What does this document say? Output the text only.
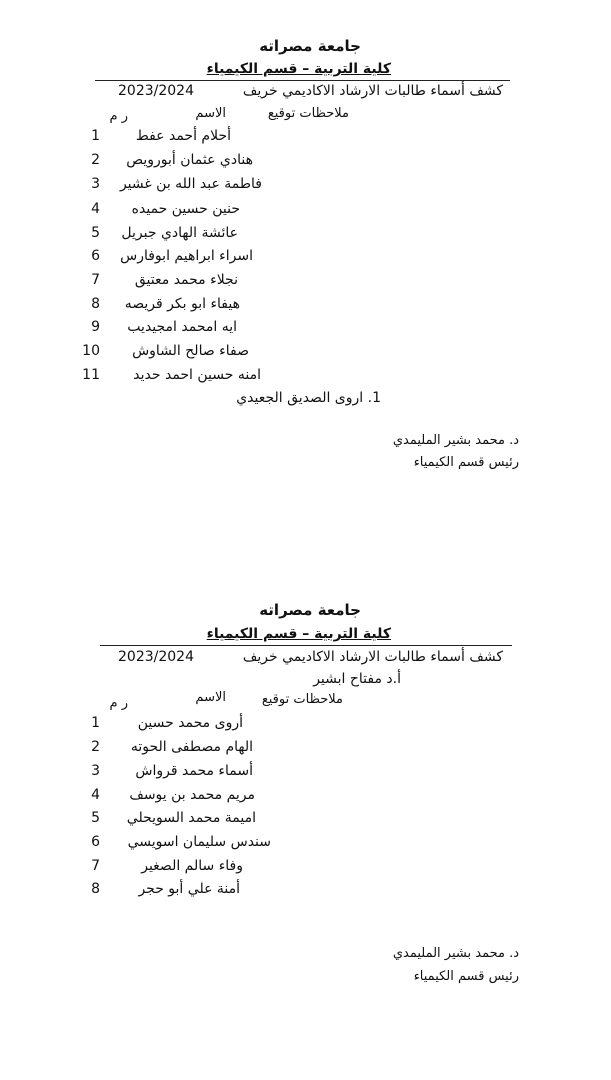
جامعة مصراته
كلية التربية – قسم الكيمياء
كشف أسماء طالبات الارشاد الاكاديمي خريف
2023/2024
ملاحظات توقيع
الاسم
ر م
أحلام أحمد عفط
1
هنادي عثمان أبورويص
2
فاطمة عبد الله بن غشير
3
حنين حسين حميده
4
عائشة الهادي جبريل
5
اسراء ابراهيم ابوفارس
6
نجلاء محمد معتيق
7
هيفاء ابو بكر قريصه
8
ايه امحمد امجيديب
9
صفاء صالح الشاوش
10
امنه حسين احمد حديد
11
1. اروى الصديق الجعيدي
د. محمد بشير المليمدي
رئيس قسم الكيمياء
جامعة مصراته
كلية التربية – قسم الكيمياء
كشف أسماء طالبات الارشاد الاكاديمي خريف
2023/2024
أ.د مفتاح ابشير
ملاحظات توقيع
الاسم
ر م
أروى محمد حسين
1
الهام مصطفى الحوته
2
أسماء محمد قرواش
3
مريم محمد بن يوسف
4
اميمة محمد السويحلي
5
سندس سليمان اسويسي
6
وفاء سالم الصغير
7
أمنة علي أبو حجر
8
د. محمد بشير المليمدي
رئيس قسم الكيمياء
